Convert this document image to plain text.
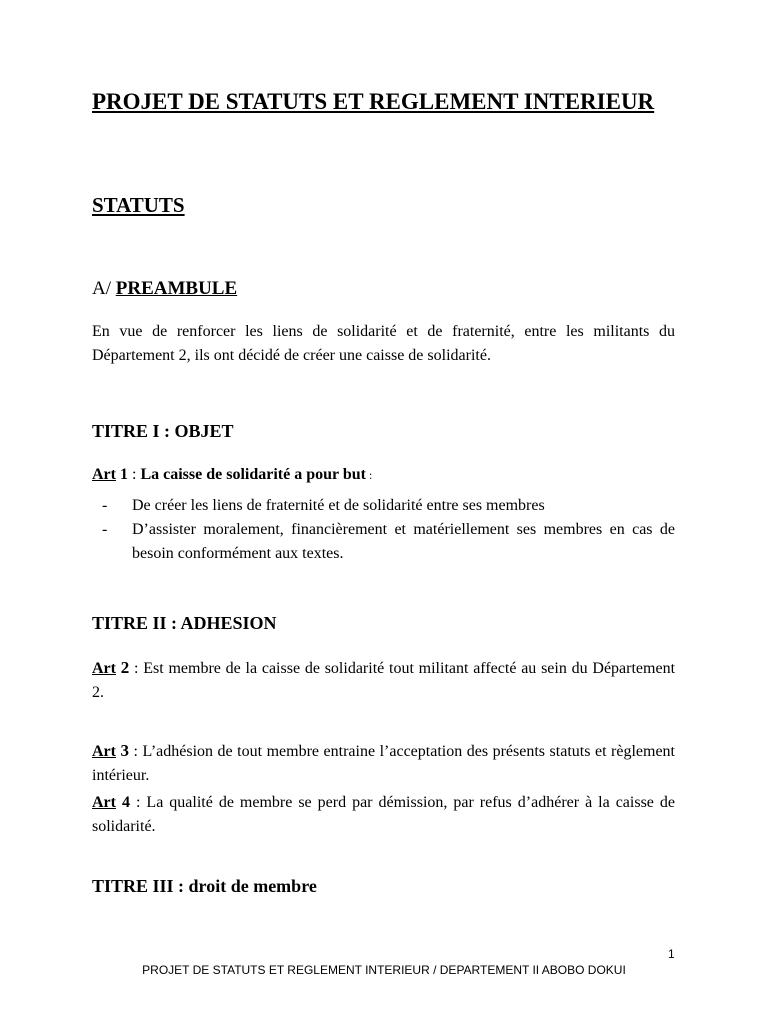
PROJET DE STATUTS ET REGLEMENT INTERIEUR
STATUTS
A/ PREAMBULE
En vue de renforcer les liens de solidarité et de fraternité, entre les militants du Département 2, ils ont décidé de créer une caisse de solidarité.
TITRE I : OBJET
Art 1 : La caisse de solidarité a pour but :
- De créer les liens de fraternité et de solidarité entre ses membres
- D’assister moralement, financièrement et matériellement ses membres en cas de besoin conformément aux textes.
TITRE II : ADHESION
Art 2 : Est membre de la caisse de solidarité tout militant affecté au sein du Département 2.
Art 3 : L’adhésion de tout membre entraine l’acceptation des présents statuts et règlement intérieur.
Art 4 : La qualité de membre se perd par démission, par refus d’adhérer à la caisse de solidarité.
TITRE III : droit de membre
1
PROJET DE STATUTS ET REGLEMENT INTERIEUR / DEPARTEMENT II ABOBO DOKUI
